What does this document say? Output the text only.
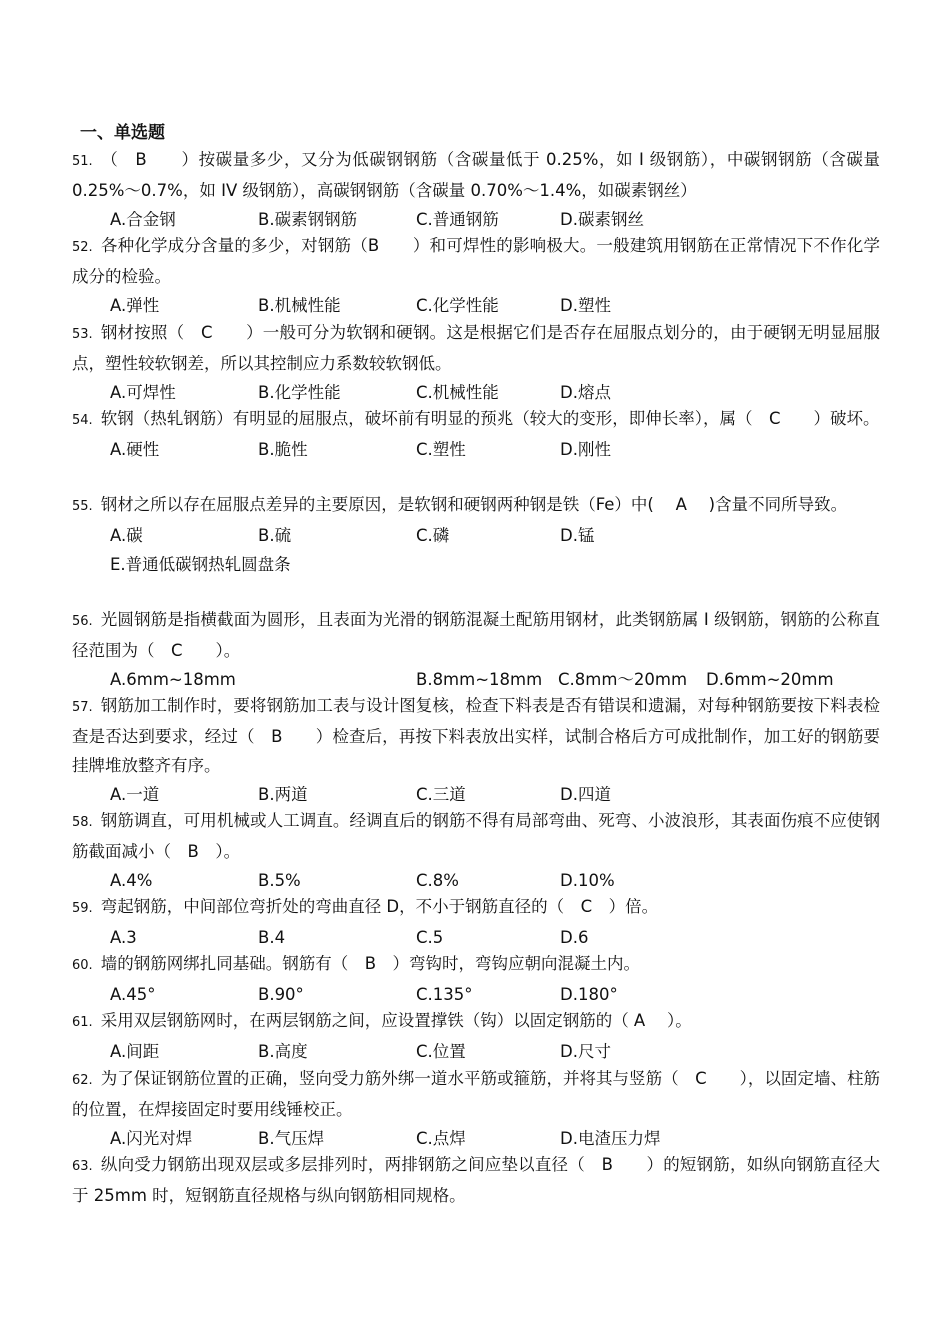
一、单选题
51. （　B　　）按碳量多少，又分为低碳钢钢筋（含碳量低于 0.25%，如 I 级钢筋），中碳钢钢筋（含碳量 0.25%～0.7%，如 IV 级钢筋），高碳钢钢筋（含碳量 0.70%～1.4%，如碳素钢丝）
A.合金钢	B.碳素钢钢筋	C.普通钢筋	D.碳素钢丝
52. 各种化学成分含量的多少，对钢筋（B　　）和可焊性的影响极大。一般建筑用钢筋在正常情况下不作化学成分的检验。
A.弹性	B.机械性能	C.化学性能	D.塑性
53. 钢材按照（　C　　）一般可分为软钢和硬钢。这是根据它们是否存在屈服点划分的，由于硬钢无明显屈服点，塑性较软钢差，所以其控制应力系数较软钢低。
A.可焊性	B.化学性能	C.机械性能	D.熔点
54. 软钢（热轧钢筋）有明显的屈服点，破坏前有明显的预兆（较大的变形，即伸长率），属（　C　　）破坏。
A.硬性	B.脆性	C.塑性	D.刚性
55. 钢材之所以存在屈服点差异的主要原因，是软钢和硬钢两种钢是铁（Fe）中(　 A　 )含量不同所导致。
A.碳	B.硫	C.磷	D.锰
E.普通低碳钢热轧圆盘条
56. 光圆钢筋是指横截面为圆形，且表面为光滑的钢筋混凝土配筋用钢材，此类钢筋属 I 级钢筋，钢筋的公称直径范围为（　C　　）。
A.6mm~18mm	B.8mm~18mm C.8mm～20mm	D.6mm~20mm
57. 钢筋加工制作时，要将钢筋加工表与设计图复核，检查下料表是否有错误和遗漏，对每种钢筋要按下料表检查是否达到要求，经过（　B　　）检查后，再按下料表放出实样，试制合格后方可成批制作，加工好的钢筋要挂牌堆放整齐有序。
A.一道	B.两道	C.三道	D.四道
58. 钢筋调直，可用机械或人工调直。经调直后的钢筋不得有局部弯曲、死弯、小波浪形，其表面伤痕不应使钢筋截面减小（　B　）。
A.4%	B.5%	C.8%	D.10%
59. 弯起钢筋，中间部位弯折处的弯曲直径 D，不小于钢筋直径的（　C　）倍。
A.3	B.4	C.5	D.6
60. 墙的钢筋网绑扎同基础。钢筋有（　B　）弯钩时，弯钩应朝向混凝土内。
A.45°	B.90°	C.135°	D.180°
61. 采用双层钢筋网时，在两层钢筋之间，应设置撑铁（钩）以固定钢筋的（ A　 ）。
A.间距	B.高度	C.位置	D.尺寸
62. 为了保证钢筋位置的正确，竖向受力筋外绑一道水平筋或箍筋，并将其与竖筋（　C　　），以固定墙、柱筋的位置，在焊接固定时要用线锤校正。
A.闪光对焊	B.气压焊	C.点焊	D.电渣压力焊
63. 纵向受力钢筋出现双层或多层排列时，两排钢筋之间应垫以直径（　B　　）的短钢筋，如纵向钢筋直径大于 25mm 时，短钢筋直径规格与纵向钢筋相同规格。
